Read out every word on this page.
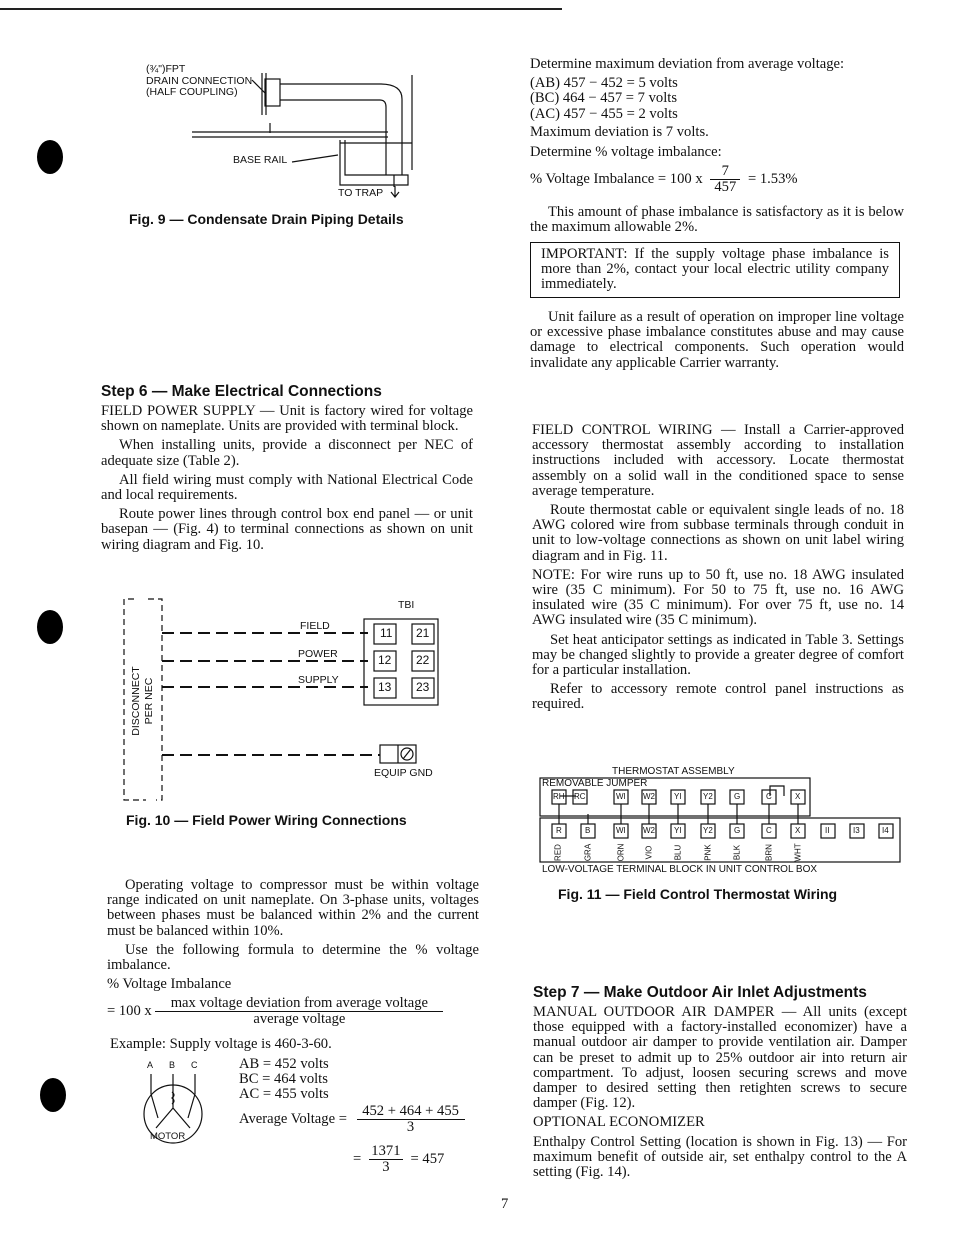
(¾")FPT
DRAIN CONNECTION
(HALF COUPLING)
BASE RAIL
TO TRAP
Fig. 9 — Condensate Drain Piping Details
Step 6 — Make Electrical Connections

FIELD POWER SUPPLY — Unit is factory wired for voltage shown on nameplate. Units are provided with terminal block.

When installing units, provide a disconnect per NEC of adequate size (Table 2).

All field wiring must comply with National Electrical Code and local requirements.

Route power lines through control box end panel — or unit basepan — (Fig. 4) to terminal connections as shown on unit wiring diagram and Fig. 10.

TBI
FIELD
POWER
SUPPLY
11 21
12 22
13 23
DISCONNECT PER NEC
EQUIP GND
Fig. 10 — Field Power Wiring Connections

Operating voltage to compressor must be within voltage range indicated on unit nameplate. On 3-phase units, voltages between phases must be balanced within 2% and the current must be balanced within 10%.

Use the following formula to determine the % voltage imbalance.

% Voltage Imbalance

= 100 x $\frac{\text{max voltage deviation from average voltage}}{\text{average voltage}}$
Example: Supply voltage is 460-3-60.
A B C
MOTOR
AB = 452 volts
BC = 464 volts
AC = 455 volts
Average Voltage = $\frac{452 + 464 + 455}{3}$
= $\frac{1371}{3} = 457$
Determine maximum deviation from average voltage:
(AB) 457 − 452 = 5 volts
(BC) 464 − 457 = 7 volts
(AC) 457 − 455 = 2 volts
Maximum deviation is 7 volts.
Determine % voltage imbalance:
% Voltage Imbalance = 100 x $\frac{7}{457} = 1.53\%$

This amount of phase imbalance is satisfactory as it is below the maximum allowable 2%.

IMPORTANT: If the supply voltage phase imbalance is more than 2%, contact your local electric utility company immediately.

Unit failure as a result of operation on improper line voltage or excessive phase imbalance constitutes abuse and may cause damage to electrical components. Such operation would invalidate any applicable Carrier warranty.

FIELD CONTROL WIRING — Install a Carrier-approved accessory thermostat assembly according to installation instructions included with accessory. Locate thermostat assembly on a solid wall in the conditioned space to sense average temperature.

Route thermostat cable or equivalent single leads of no. 18 AWG colored wire from subbase terminals through conduit in unit to low-voltage connections as shown on unit label wiring diagram and in Fig. 11.

NOTE: For wire runs up to 50 ft, use no. 18 AWG insulated wire (35 C minimum). For 50 to 75 ft, use no. 16 AWG insulated wire (35 C minimum). For over 75 ft, use no. 14 AWG insulated wire (35 C minimum).

Set heat anticipator settings as indicated in Table 3. Settings may be changed slightly to provide a greater degree of comfort for a particular installation.

Refer to accessory remote control panel instructions as required.

THERMOSTAT ASSEMBLY
REMOVABLE JUMPER
RH RC	WI W2 YI	Y2	G	C	X
R	B	WI W2 YI	Y2	G	C	X	II	I3	I4
RED	GRA	ORN VIO	BLU	PNK	BLK	BRN	WHT
LOW-VOLTAGE TERMINAL BLOCK IN UNIT CONTROL BOX
Fig. 11 — Field Control Thermostat Wiring
Step 7 — Make Outdoor Air Inlet Adjustments

MANUAL OUTDOOR AIR DAMPER — All units (except those equipped with a factory-installed economizer) have a manual outdoor air damper to provide ventilation air. Damper can be preset to admit up to 25% outdoor air into return air compartment. To adjust, loosen securing screws and move damper to desired setting then retighten screws to secure damper (Fig. 12).

OPTIONAL ECONOMIZER

Enthalpy Control Setting (location is shown in Fig. 13) — For maximum benefit of outside air, set enthalpy control to the A setting (Fig. 14).

7
